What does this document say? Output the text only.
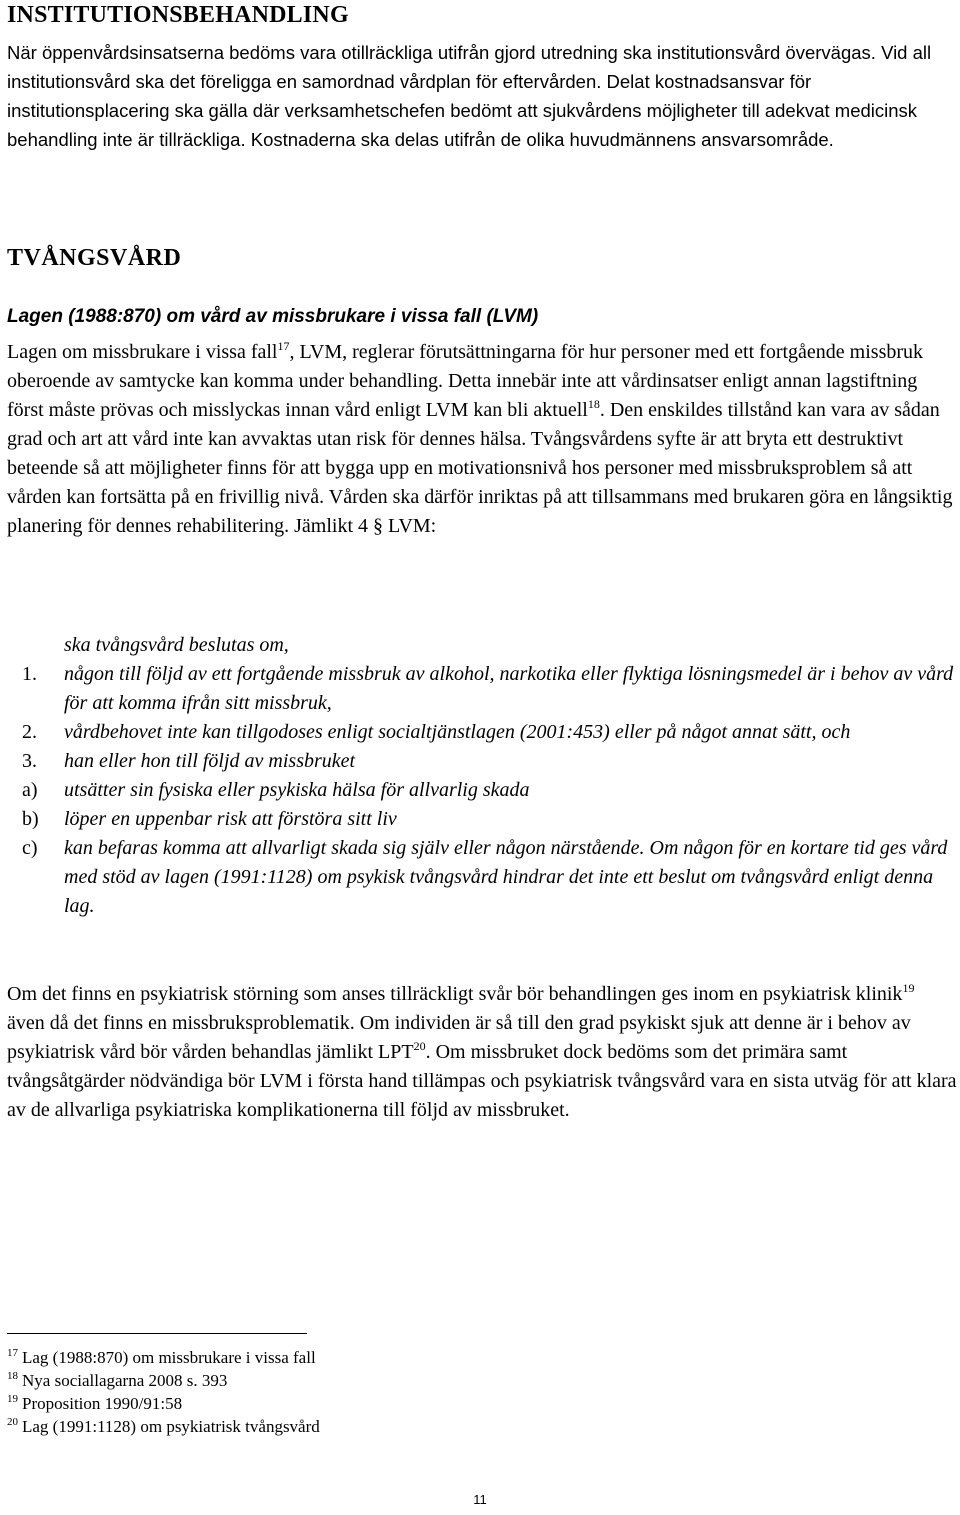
INSTITUTIONSBEHANDLING

När öppenvårdsinsatserna bedöms vara otillräckliga utifrån gjord utredning ska institutionsvård övervägas. Vid all institutionsvård ska det föreligga en samordnad vårdplan för eftervården. Delat kostnadsansvar för institutionsplacering ska gälla där verksamhetschefen bedömt att sjukvårdens möjligheter till adekvat medicinsk behandling inte är tillräckliga. Kostnaderna ska delas utifrån de olika huvudmännens ansvarsområde.

TVÅNGSVÅRD
Lagen (1988:870) om vård av missbrukare i vissa fall (LVM)

Lagen om missbrukare i vissa fall$^{17}$, LVM, reglerar förutsättningarna för hur personer med ett fortgående missbruk oberoende av samtycke kan komma under behandling. Detta innebär inte att vårdinsatser enligt annan lagstiftning först måste prövas och misslyckas innan vård enligt LVM kan bli aktuell$^{18}$. Den enskildes tillstånd kan vara av sådan grad och art att vård inte kan avvaktas utan risk för dennes hälsa. Tvångsvårdens syfte är att bryta ett destruktivt beteende så att möjligheter finns för att bygga upp en motivationsnivå hos personer med missbruksproblem så att vården kan fortsätta på en frivillig nivå. Vården ska därför inriktas på att tillsammans med brukaren göra en långsiktig planering för dennes rehabilitering. Jämlikt 4 § LVM:

ska tvångsvård beslutas om,
1. någon till följd av ett fortgående missbruk av alkohol, narkotika eller flyktiga lösningsmedel är i behov av vård för att komma ifrån sitt missbruk,
2. vårdbehovet inte kan tillgodoses enligt socialtjänstlagen (2001:453) eller på något annat sätt, och
3. han eller hon till följd av missbruket
a) utsätter sin fysiska eller psykiska hälsa för allvarlig skada
b) löper en uppenbar risk att förstöra sitt liv
c) kan befaras komma att allvarligt skada sig själv eller någon närstående. Om någon för en kortare tid ges vård med stöd av lagen (1991:1128) om psykisk tvångsvård hindrar det inte ett beslut om tvångsvård enligt denna lag.

Om det finns en psykiatrisk störning som anses tillräckligt svår bör behandlingen ges inom en psykiatrisk klinik$^{19}$ även då det finns en missbruksproblematik. Om individen är så till den grad psykiskt sjuk att denne är i behov av psykiatrisk vård bör vården behandlas jämlikt LPT$^{20}$. Om missbruket dock bedöms som det primära samt tvångsåtgärder nödvändiga bör LVM i första hand tillämpas och psykiatrisk tvångsvård vara en sista utväg för att klara av de allvarliga psykiatriska komplikationerna till följd av missbruket.

$^{17}$ Lag (1988:870) om missbrukare i vissa fall
$^{18}$ Nya sociallagarna 2008 s. 393
$^{19}$ Proposition 1990/91:58
$^{20}$ Lag (1991:1128) om psykiatrisk tvångsvård
11
